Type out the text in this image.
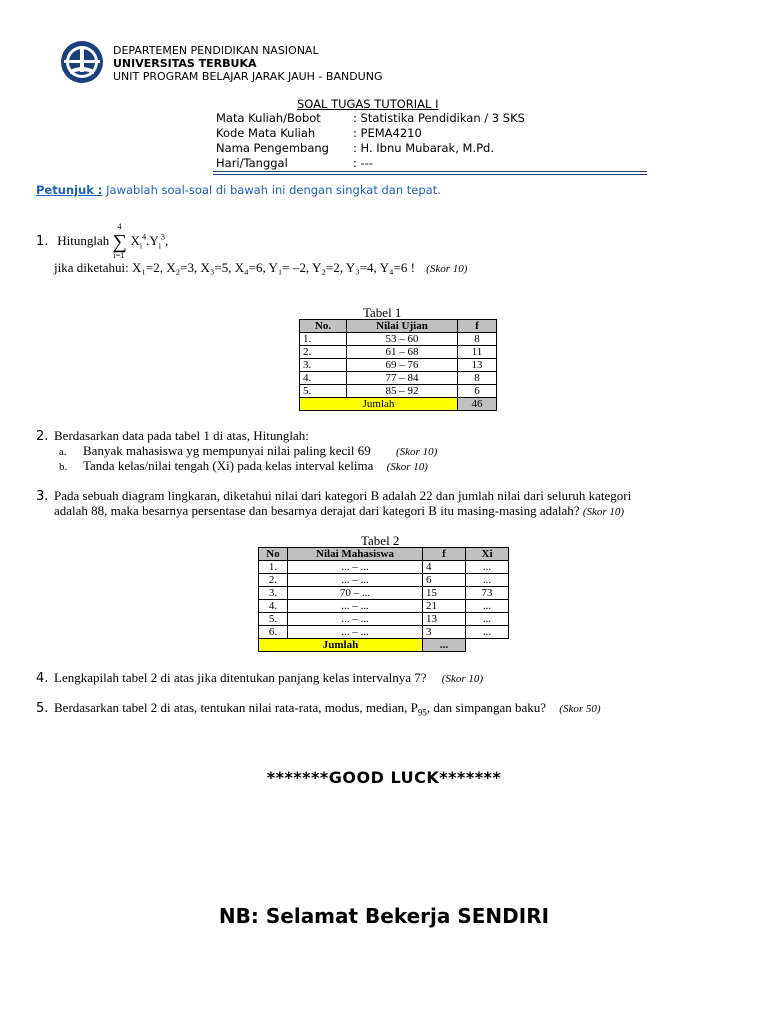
DEPARTEMEN PENDIDIKAN NASIONAL
UNIVERSITAS TERBUKA
UNIT PROGRAM BELAJAR JARAK JAUH - BANDUNG
SOAL TUGAS TUTORIAL I
Mata Kuliah/Bobot	: Statistika Pendidikan / 3 SKS
Kode Mata Kuliah	: PEMA4210
Nama Pengembang	: H. Ibnu Mubarak, M.Pd.
Hari/Tanggal	: ---
Petunjuk : Jawablah soal-soal di bawah ini dengan singkat dan tepat.
1. Hitunglah
4
∑
i=1
$X_i^4.Y_i^3$,
jika diketahui: X₁=2, X₂=3, X₃=5, X₄=6, Y₁= –2, Y₂=2, Y₃=4, Y₄=6 ! (Skor 10)
Tabel 1
No.	Nilai Ujian	f
1.	53 – 60	8
2.	61 – 68	11
3.	69 – 76	13
4.	77 – 84	8
5.	85 – 92	6
Jumlah		46
2. Berdasarkan data pada tabel 1 di atas, Hitunglah:
a. Banyak mahasiswa yg mempunyai nilai paling kecil 69 (Skor 10)
b. Tanda kelas/nilai tengah (Xi) pada kelas interval kelima (Skor 10)
3. Pada sebuah diagram lingkaran, diketahui nilai dari kategori B adalah 22 dan jumlah nilai dari seluruh kategori
adalah 88, maka besarnya persentase dan besarnya derajat dari kategori B itu masing-masing adalah? (Skor 10)
Tabel 2
No	Nilai Mahasiswa	f	Xi
1.	... – ...	4	...
2.	... – ...	6	...
3.	70 – ...	15	73
4.	... – ...	21	...
5.	... – ...	13	...
6.	... – ...	3	...
Jumlah		...	
4. Lengkapilah tabel 2 di atas jika ditentukan panjang kelas intervalnya 7? (Skor 10)
5. Berdasarkan tabel 2 di atas, tentukan nilai rata-rata, modus, median, $P_{95}$, dan simpangan baku? (Skor 50)
*******GOOD LUCK*******
NB: Selamat Bekerja SENDIRI
